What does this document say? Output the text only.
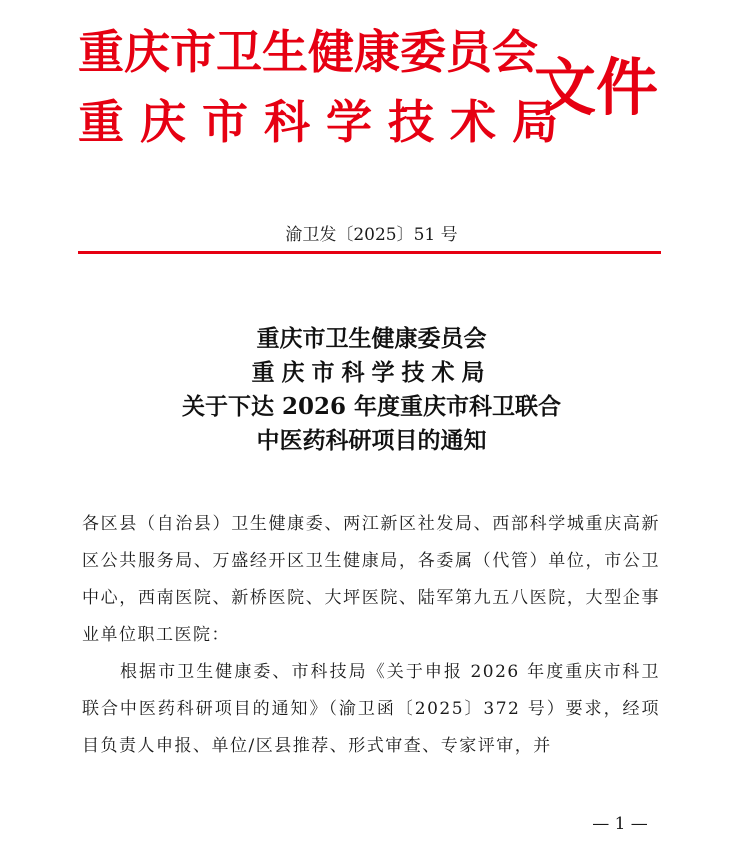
重庆市卫生健康委员会
重庆市科学技术局
文件
渝卫发〔2025〕51 号
重庆市卫生健康委员会
重庆市科学技术局
关于下达 2026 年度重庆市科卫联合
中医药科研项目的通知

各区县（自治县）卫生健康委、两江新区社发局、西部科学城重庆高新区公共服务局、万盛经开区卫生健康局，各委属（代管）单位，市公卫中心，西南医院、新桥医院、大坪医院、陆军第九五八医院，大型企事业单位职工医院：

根据市卫生健康委、市科技局《关于申报 2026 年度重庆市科卫联合中医药科研项目的通知》（渝卫函〔2025〕372 号）要求，经项目负责人申报、单位/区县推荐、形式审查、专家评审，并

— 1 —
